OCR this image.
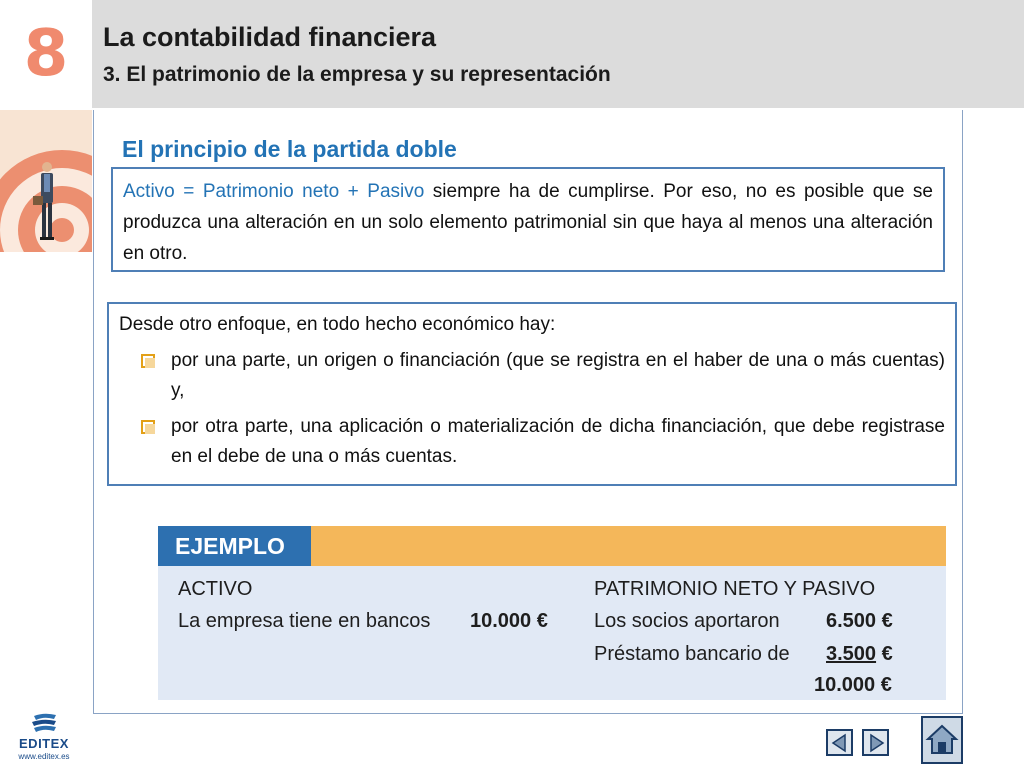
8	La contabilidad financiera
3. El patrimonio de la empresa y su representación
El principio de la partida doble
Activo = Patrimonio neto + Pasivo siempre ha de cumplirse. Por eso, no es posible que se produzca una alteración en un solo elemento patrimonial sin que haya al menos una alteración en otro.
Desde otro enfoque, en todo hecho económico hay:
por una parte, un origen o financiación (que se registra en el haber de una o más cuentas) y,
por otra parte, una aplicación o materialización de dicha financiación, que debe registrase en el debe de una o más cuentas.
EJEMPLO
ACTIVO
La empresa tiene en bancos 10.000 €
PATRIMONIO NETO Y PASIVO
Los socios aportaron 6.500 €
Préstamo bancario de 3.500 €
10.000 €
EDITEX
www.editex.es
